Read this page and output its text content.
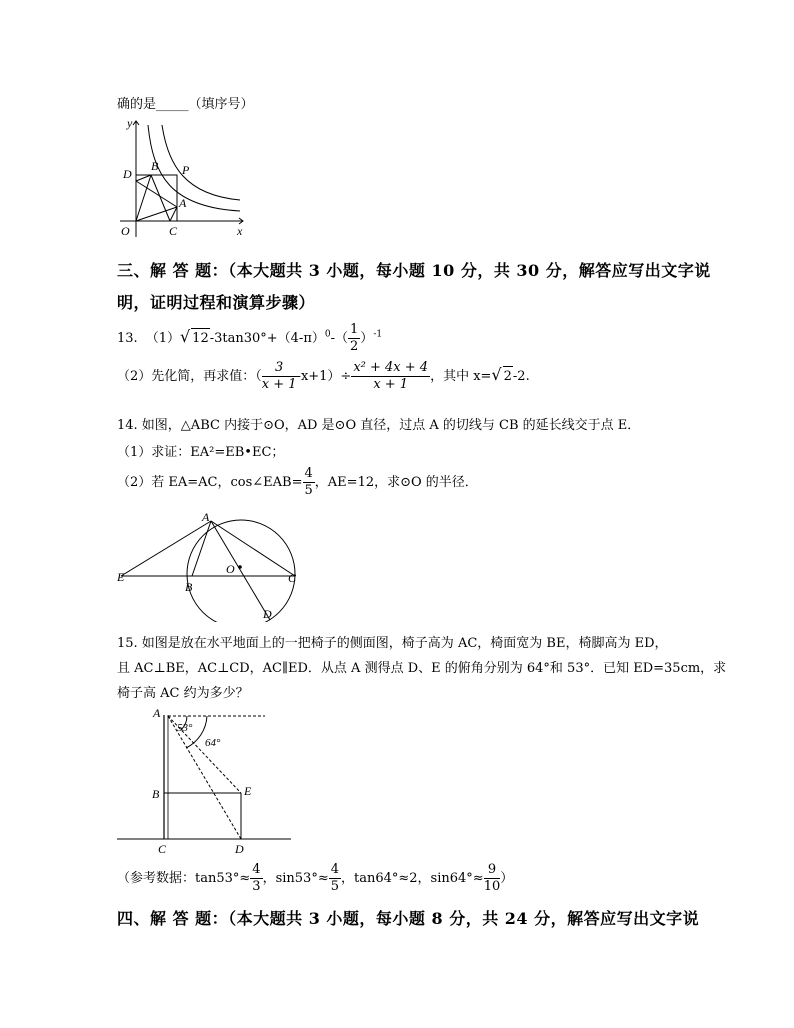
确的是_____（填序号）
y
x
O	C
D
B P
A
三、解 答 题：（本大题共 3 小题，每小题 10 分，共 30 分，解答应写出文字说
明，证明过程和演算步骤）
13. （1）√ $12-3\tan 30^\circ+(4-\pi)^0-( \frac{1}{2} )^{-1}$
（2）先化简，再求值：（ $\frac{3}{x + 1} -x+1)\div \frac{\text{x² + 4x + 4}}{x + 1}$ ，其中 x=√ 2-2.
14. 如图，△ABC 内接于⊙O，AD 是⊙O 直径，过点 A 的切线与 CB 的延长线交于点 E．
（1）求证：EA²=EB•EC；
（2）若 EA=AC，cos∠EAB= $\frac{4}{5}$ ，AE=12，求⊙O 的半径．
A
E
B
O
C
D
15. 如图是放在水平地面上的一把椅子的侧面图，椅子高为 AC，椅面宽为 BE，椅脚高为 ED，
且 AC⊥BE，AC⊥CD，AC∥ED．从点 A 测得点 D、E 的俯角分别为 64°和 53°．已知 ED=35cm，求
椅子高 AC 约为多少？
A
53°
64°
B	E
C	D
（参考数据：$\tan 53^\circ\approx \frac{4}{3}$ ，$\sin 53^\circ\approx \frac{4}{5}$ ，tan64°≈2，$\sin 64^\circ\approx \frac{9}{10}$ ）
四、解 答 题：（本大题共 3 小题，每小题 8 分，共 24 分，解答应写出文字说
